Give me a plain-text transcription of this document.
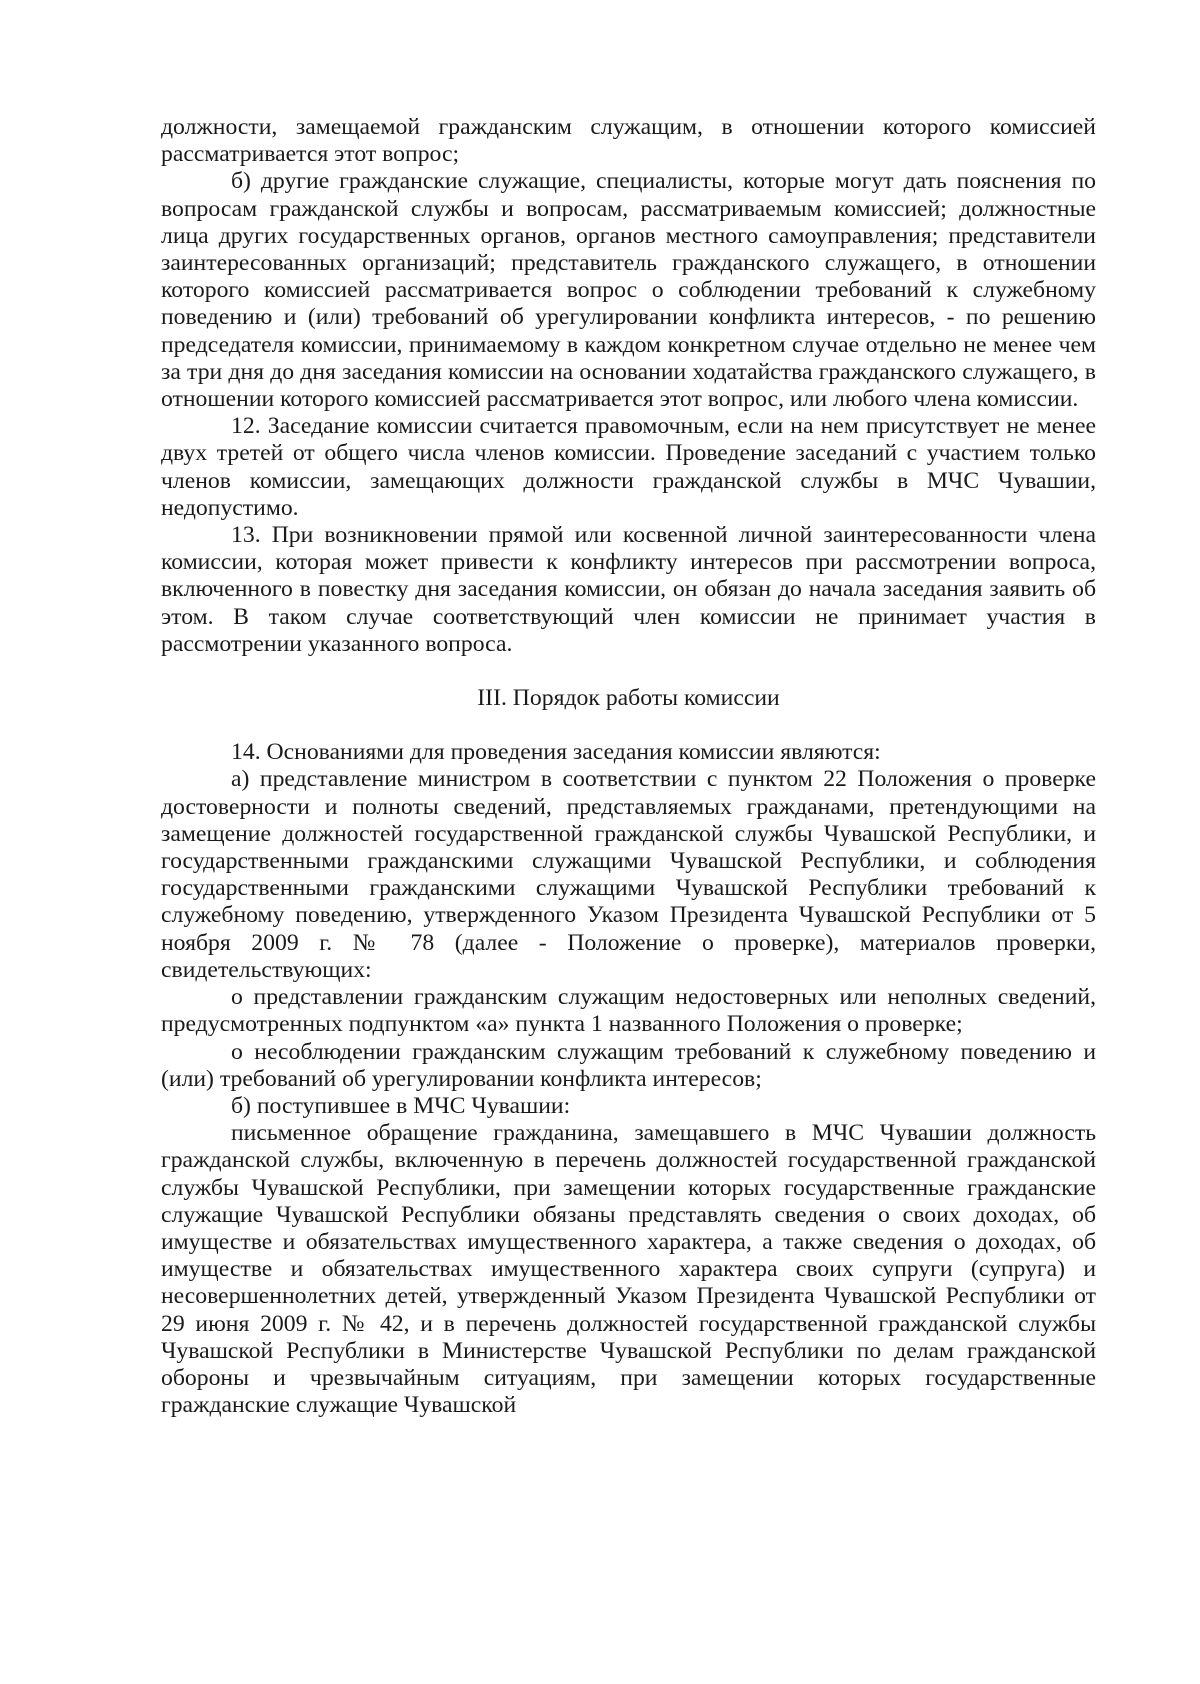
должности, замещаемой гражданским служащим, в отношении которого комиссией рассматривается этот вопрос;

б) другие гражданские служащие, специалисты, которые могут дать пояснения по вопросам гражданской службы и вопросам, рассматриваемым комиссией; должностные лица других государственных органов, органов местного самоуправления; представители заинтересованных организаций; представитель гражданского служащего, в отношении которого комиссией рассматривается вопрос о соблюдении требований к служебному поведению и (или) требований об урегулировании конфликта интересов, - по решению председателя комиссии, принимаемому в каждом конкретном случае отдельно не менее чем за три дня до дня заседания комиссии на основании ходатайства гражданского служащего, в отношении которого комиссией рассматривается этот вопрос, или любого члена комиссии.

12. Заседание комиссии считается правомочным, если на нем присутствует не менее двух третей от общего числа членов комиссии. Проведение заседаний с участием только членов комиссии, замещающих должности гражданской службы в МЧС Чувашии, недопустимо.

13. При возникновении прямой или косвенной личной заинтересованности члена комиссии, которая может привести к конфликту интересов при рассмотрении вопроса, включенного в повестку дня заседания комиссии, он обязан до начала заседания заявить об этом. В таком случае соответствующий член комиссии не принимает участия в рассмотрении указанного вопроса.

III. Порядок работы комиссии

14. Основаниями для проведения заседания комиссии являются:

а) представление министром в соответствии с пунктом 22 Положения о проверке достоверности и полноты сведений, представляемых гражданами, претендующими на замещение должностей государственной гражданской службы Чувашской Республики, и государственными гражданскими служащими Чувашской Республики, и соблюдения государственными гражданскими служащими Чувашской Республики требований к служебному поведению, утвержденного Указом Президента Чувашской Республики от 5 ноября 2009 г. № 78 (далее - Положение о проверке), материалов проверки, свидетельствующих:

о представлении гражданским служащим недостоверных или неполных сведений, предусмотренных подпунктом «а» пункта 1 названного Положения о проверке;

о несоблюдении гражданским служащим требований к служебному поведению и (или) требований об урегулировании конфликта интересов;

б) поступившее в МЧС Чувашии:

письменное обращение гражданина, замещавшего в МЧС Чувашии должность гражданской службы, включенную в перечень должностей государственной гражданской службы Чувашской Республики, при замещении которых государственные гражданские служащие Чувашской Республики обязаны представлять сведения о своих доходах, об имуществе и обязательствах имущественного характера, а также сведения о доходах, об имуществе и обязательствах имущественного характера своих супруги (супруга) и несовершеннолетних детей, утвержденный Указом Президента Чувашской Республики от 29 июня 2009 г. № 42, и в перечень должностей государственной гражданской службы Чувашской Республики в Министерстве Чувашской Республики по делам гражданской обороны и чрезвычайным ситуациям, при замещении которых государственные гражданские служащие Чувашской
